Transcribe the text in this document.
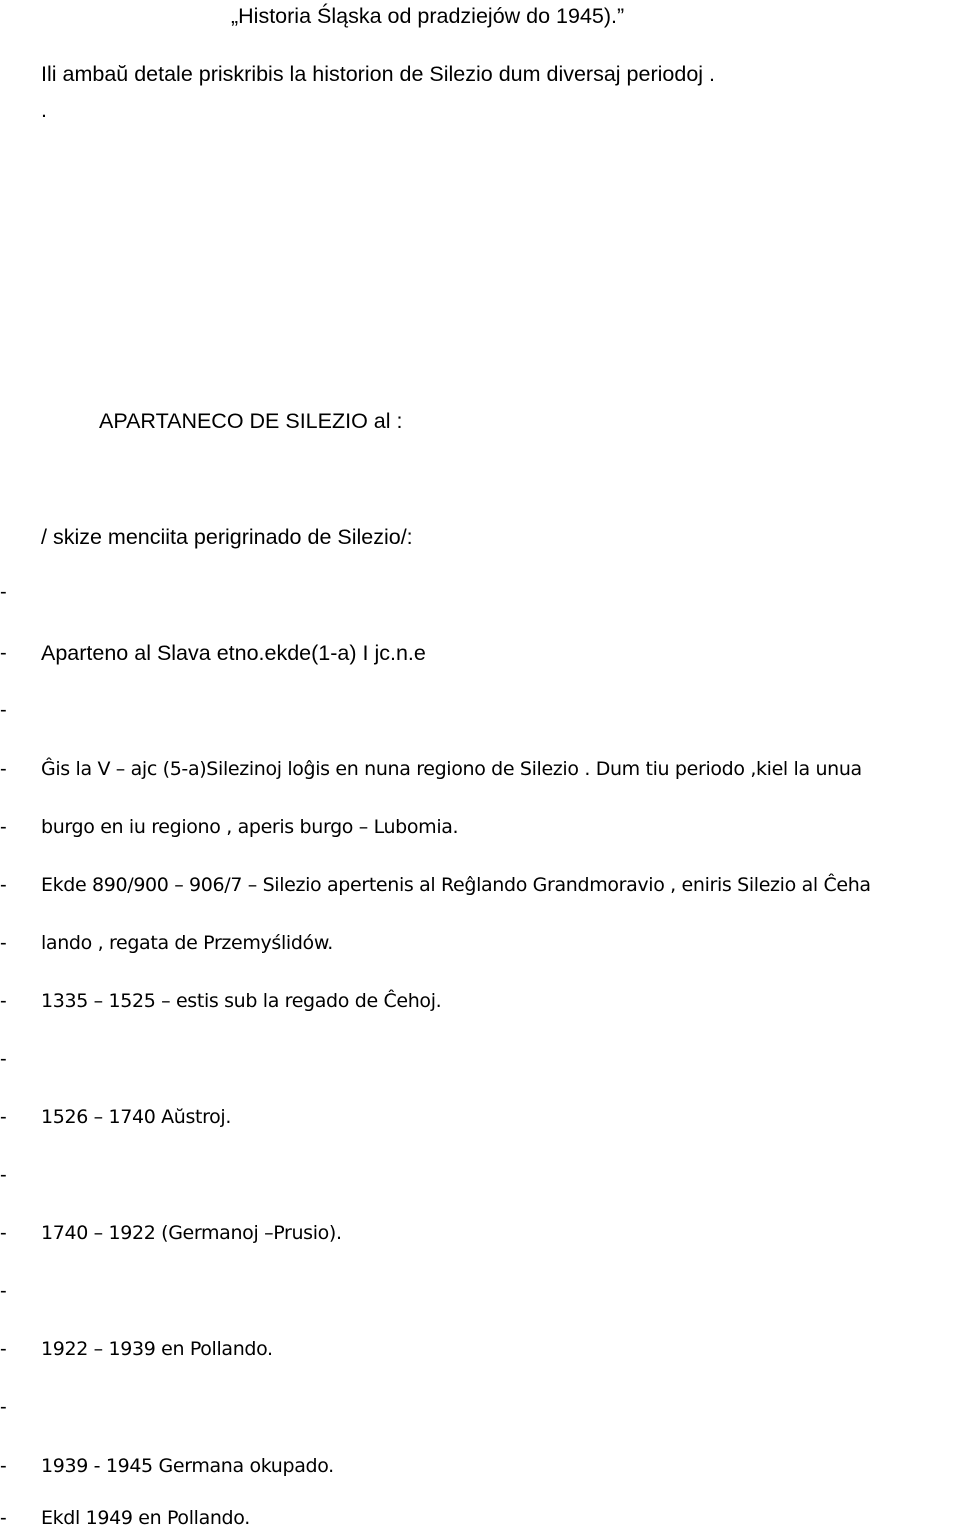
„Historia Śląska od pradziejów do 1945).”
Ili ambaŭ detale priskribis la historion de Silezio dum diversaj periodoj .
.
APARTANECO DE SILEZIO al :
/ skize menciita perigrinado de Silezio/:
-
- Aparteno al Slava etno.ekde(1-a) I jc.n.e
-
- Ĝis la V – ajc (5-a)Silezinoj loĝis en nuna regiono de Silezio . Dum tiu periodo ,kiel la unua
- burgo en iu regiono , aperis burgo – Lubomia.
- Ekde 890/900 – 906/7 – Silezio apertenis al Reĝlando Grandmoravio , eniris Silezio al Ĉeha
- lando , regata de Przemyślidów.
- 1335 – 1525 – estis sub la regado de Ĉehoj.
-
- 1526 – 1740 Aŭstroj.
-
- 1740 – 1922 (Germanoj –Prusio).
-
- 1922 – 1939 en Pollando.
-
- 1939 - 1945 Germana okupado.
- Ekdl 1949 en Pollando.
